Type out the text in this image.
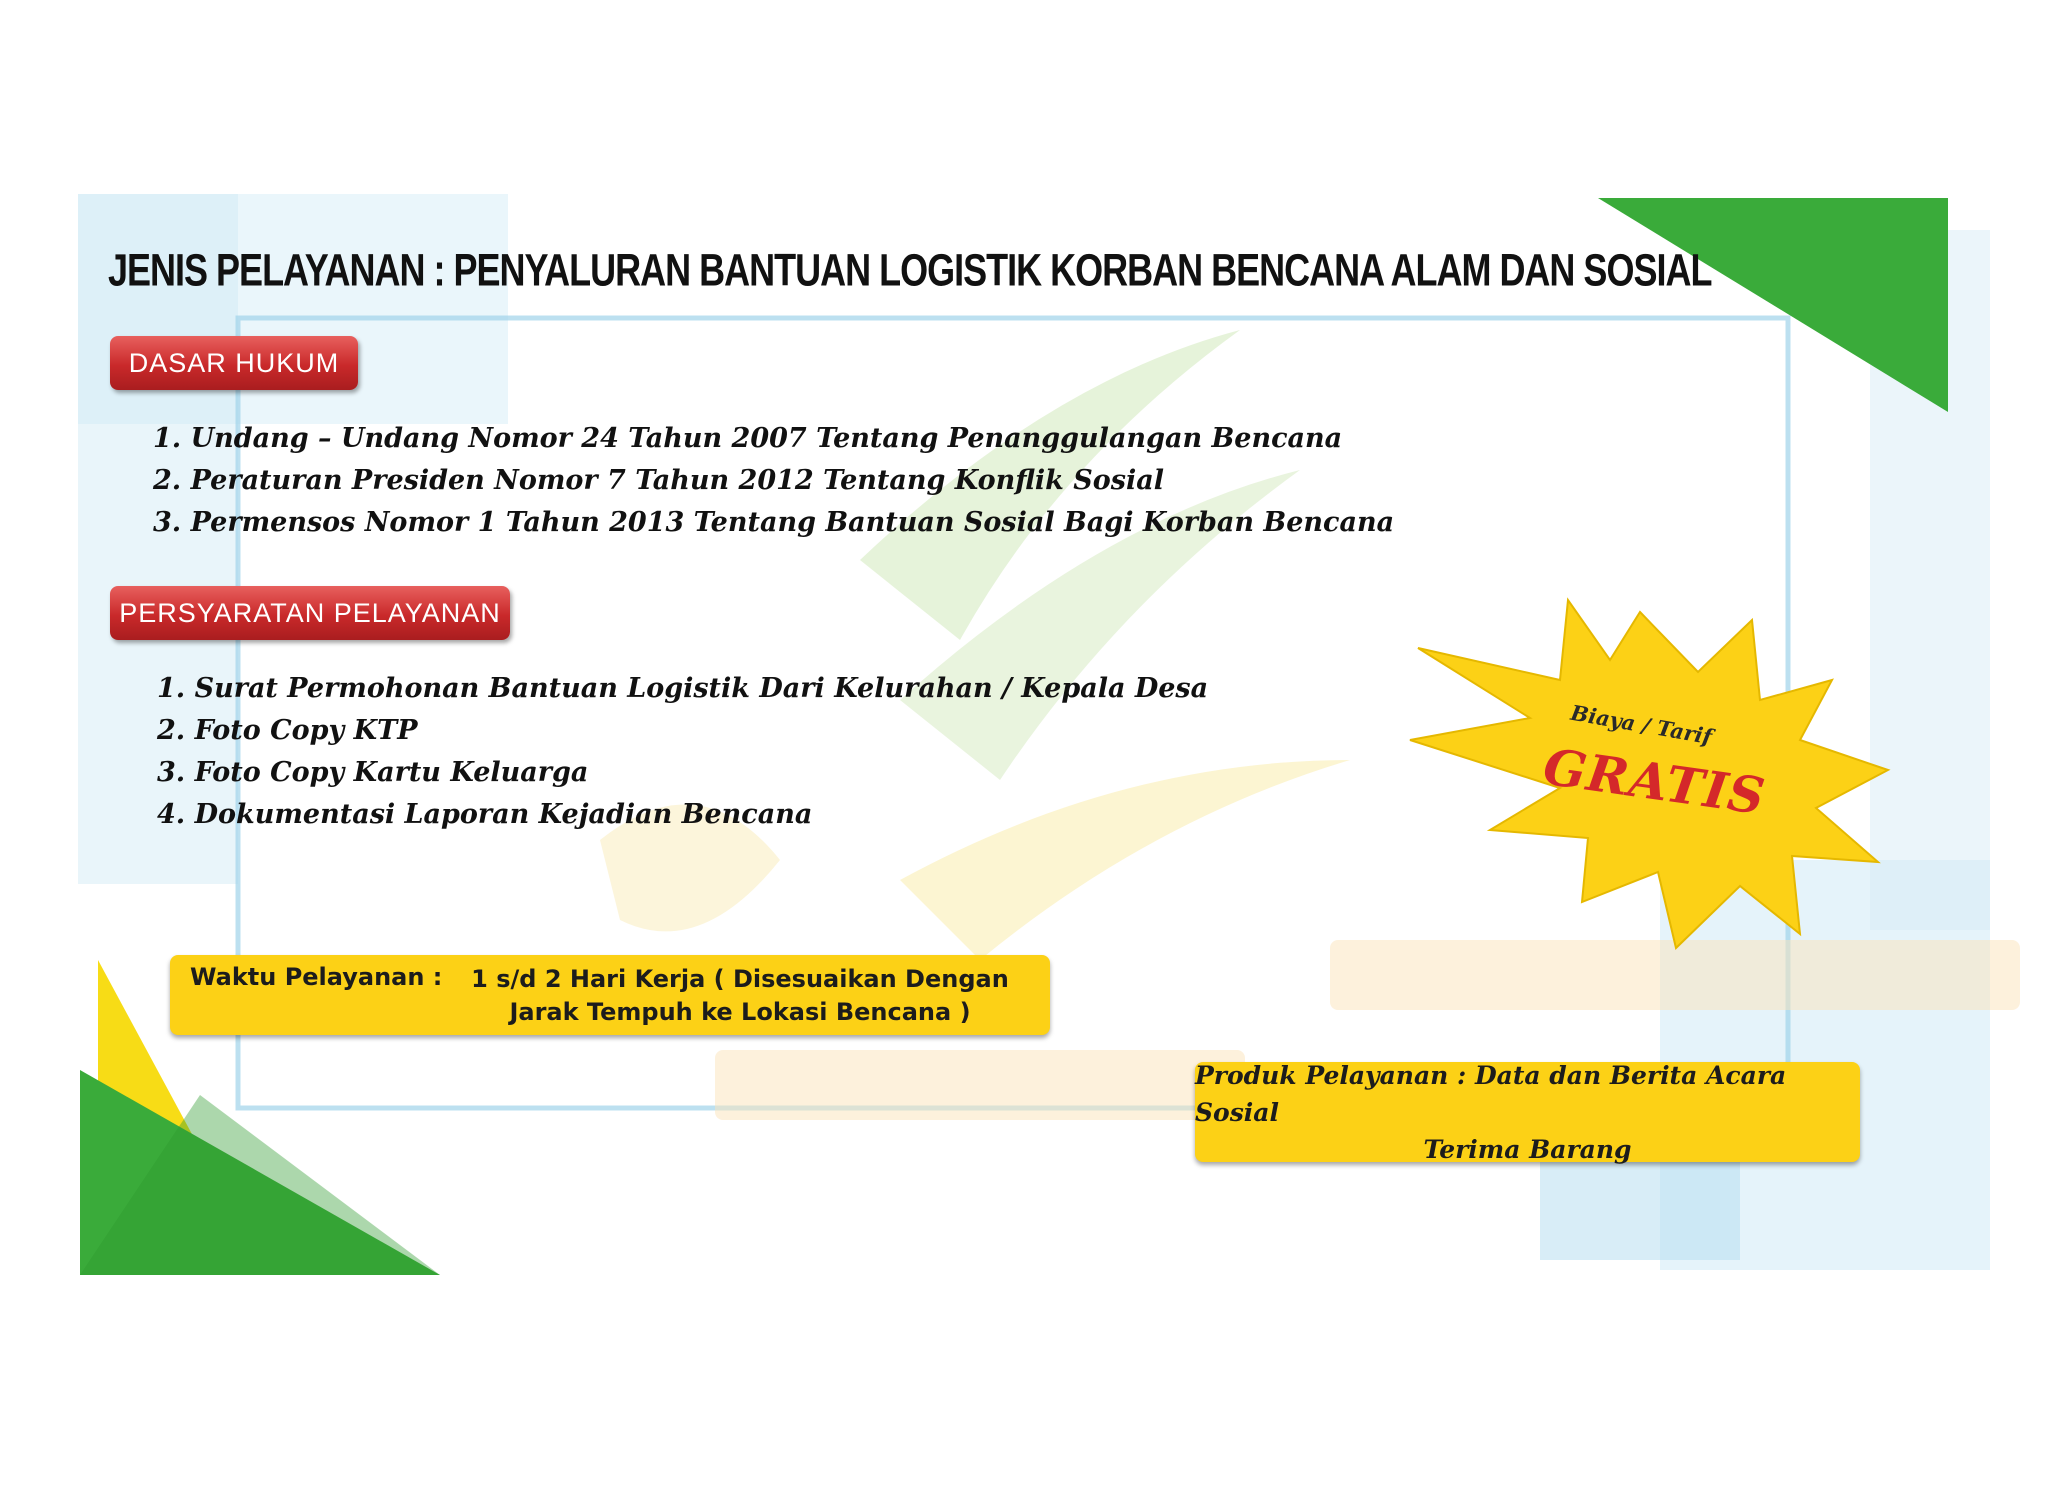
JENIS PELAYANAN : PENYALURAN BANTUAN LOGISTIK KORBAN BENCANA ALAM DAN SOSIAL
DASAR HUKUM
1. Undang – Undang Nomor 24 Tahun 2007 Tentang Penanggulangan Bencana
2. Peraturan Presiden Nomor 7 Tahun 2012 Tentang Konflik Sosial
3. Permensos Nomor 1 Tahun 2013 Tentang Bantuan Sosial Bagi Korban Bencana
PERSYARATAN PELAYANAN
1. Surat Permohonan Bantuan Logistik Dari Kelurahan / Kepala Desa
2. Foto Copy KTP
3. Foto Copy Kartu Keluarga
4. Dokumentasi Laporan Kejadian Bencana
Biaya / Tarif
GRATIS
Waktu Pelayanan :	1 s/d 2 Hari Kerja ( Disesuaikan Dengan Jarak Tempuh ke Lokasi Bencana )
Produk Pelayanan : Data dan Berita Acara Sosial
Terima Barang
